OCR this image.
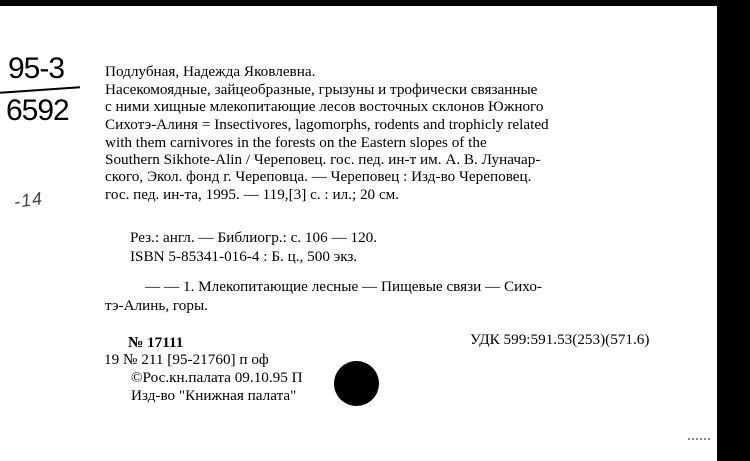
95-3
6592
-14
Подлубная, Надежда Яковлевна.
Насекомоядные, зайцеобразные, грызуны и трофически связанные
с ними хищные млекопитающие лесов восточных склонов Южного
Сихотэ-Алиня = Insectivores, lagomorphs, rodents and trophicly related
with them carnivores in the forests on the Eastern slopes of the
Southern Sikhote-Alin / Череповец. гос. пед. ин-т им. А. В. Луначар-
ского, Экол. фонд г. Череповца. — Череповец : Изд-во Череповец.
гос. пед. ин-та, 1995. — 119,[3] с. : ил.; 20 см.
Рез.: англ. — Библиогр.: с. 106 — 120.
ISBN 5-85341-016-4 : Б. ц., 500 экз.
— — 1. Млекопитающие лесные — Пищевые связи — Сихо-
тэ-Алинь, горы.
№ 17111	УДК 599:591.53(253)(571.6)
19 № 211 [95-21760] п оф
©Рос.кн.палата 09.10.95 П
Изд-во "Книжная палата"
